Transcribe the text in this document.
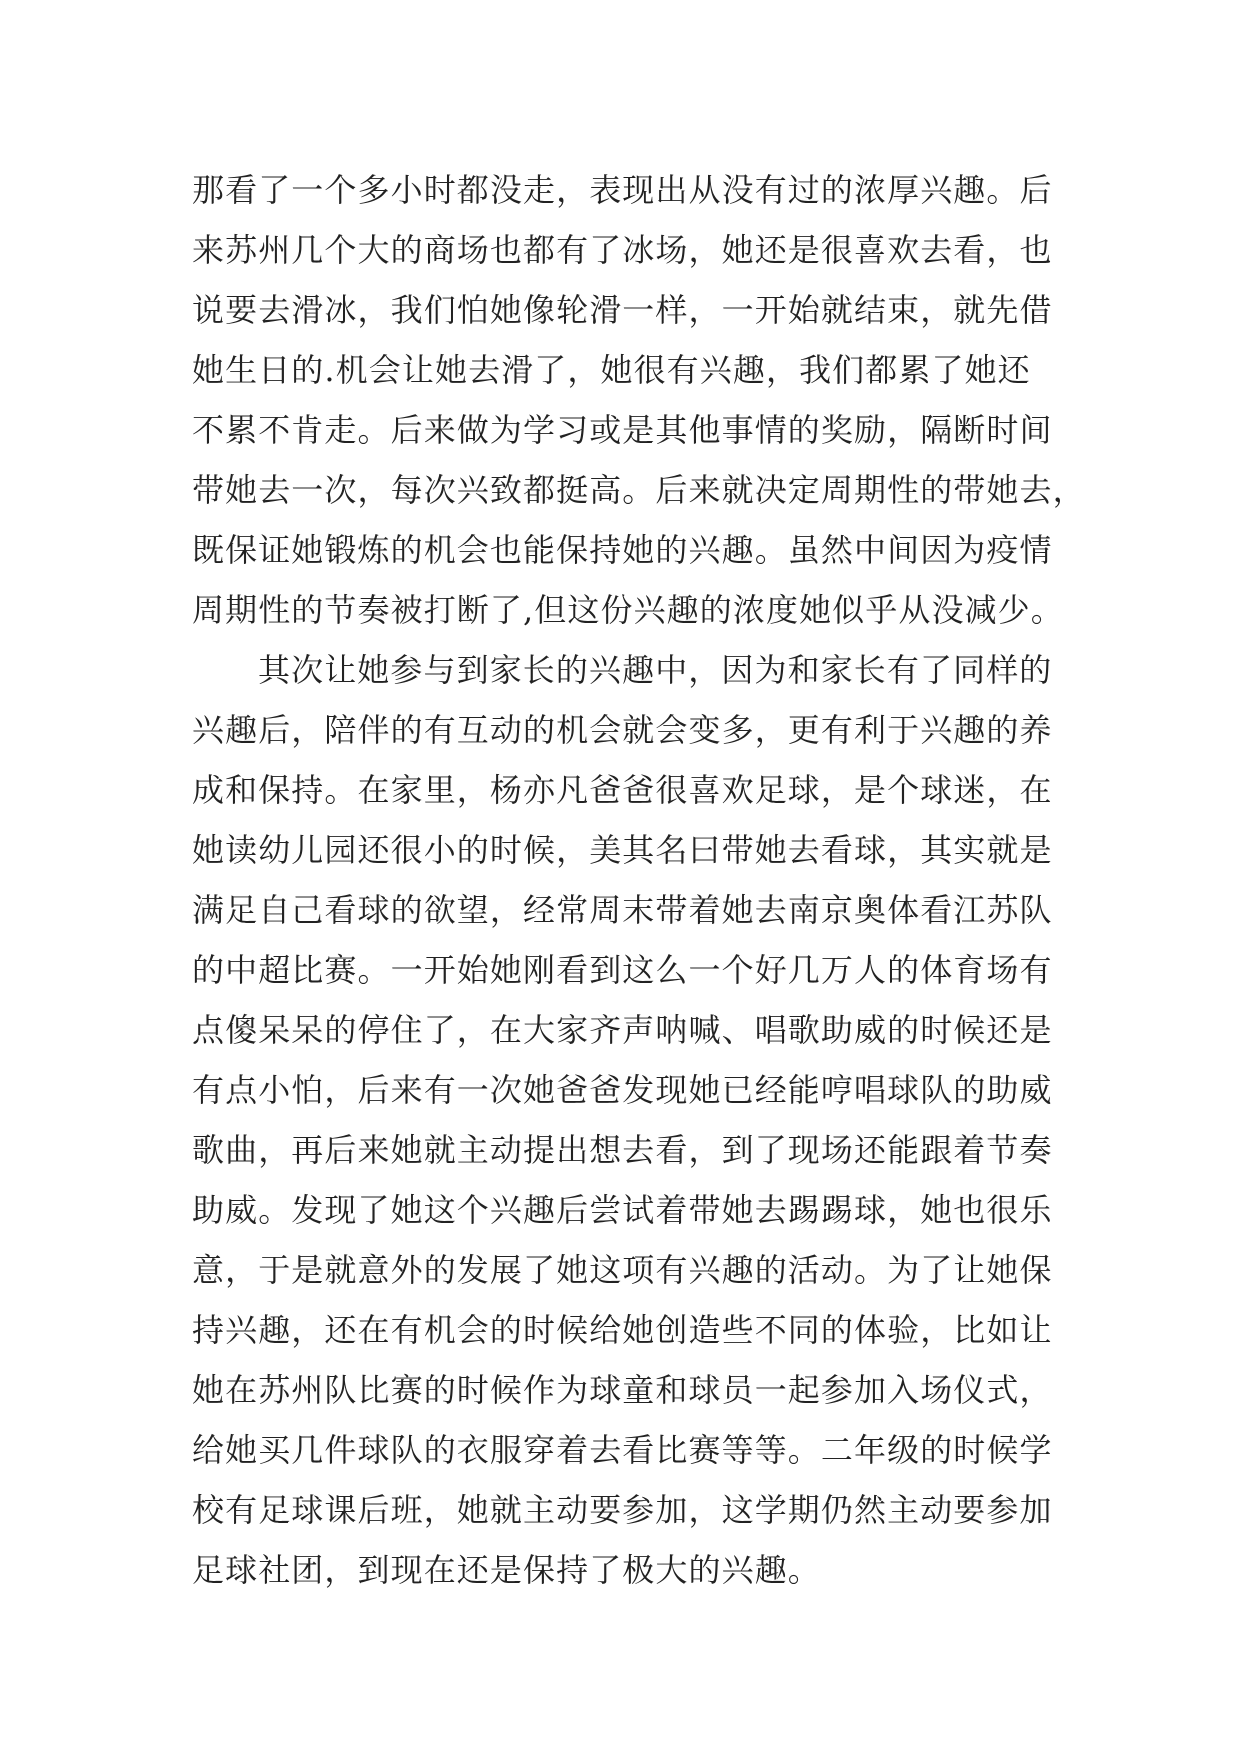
那看了一个多小时都没走，表现出从没有过的浓厚兴趣。后
来苏州几个大的商场也都有了冰场，她还是很喜欢去看，也
说要去滑冰，我们怕她像轮滑一样，一开始就结束，就先借
她生日的.机会让她去滑了，她很有兴趣，我们都累了她还
不累不肯走。后来做为学习或是其他事情的奖励，隔断时间
带她去一次，每次兴致都挺高。后来就决定周期性的带她去，
既保证她锻炼的机会也能保持她的兴趣。虽然中间因为疫情
周期性的节奏被打断了,但这份兴趣的浓度她似乎从没减少。
其次让她参与到家长的兴趣中，因为和家长有了同样的
兴趣后，陪伴的有互动的机会就会变多，更有利于兴趣的养
成和保持。在家里，杨亦凡爸爸很喜欢足球，是个球迷，在
她读幼儿园还很小的时候，美其名曰带她去看球，其实就是
满足自己看球的欲望，经常周末带着她去南京奥体看江苏队
的中超比赛。一开始她刚看到这么一个好几万人的体育场有
点傻呆呆的停住了，在大家齐声呐喊、唱歌助威的时候还是
有点小怕，后来有一次她爸爸发现她已经能哼唱球队的助威
歌曲，再后来她就主动提出想去看，到了现场还能跟着节奏
助威。发现了她这个兴趣后尝试着带她去踢踢球，她也很乐
意，于是就意外的发展了她这项有兴趣的活动。为了让她保
持兴趣，还在有机会的时候给她创造些不同的体验，比如让
她在苏州队比赛的时候作为球童和球员一起参加入场仪式，
给她买几件球队的衣服穿着去看比赛等等。二年级的时候学
校有足球课后班，她就主动要参加，这学期仍然主动要参加
足球社团，到现在还是保持了极大的兴趣。
